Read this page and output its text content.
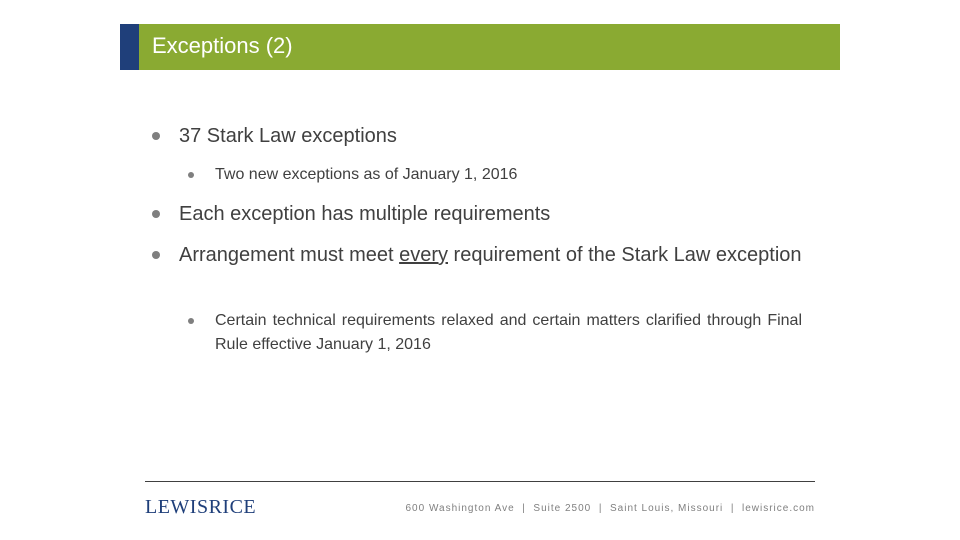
Exceptions (2)
37 Stark Law exceptions
Two new exceptions as of January 1, 2016
Each exception has multiple requirements
Arrangement must meet every requirement of the Stark Law exception
Certain technical requirements relaxed and certain matters clarified through Final Rule effective January 1, 2016
LEWISRICE	600 Washington Ave | Suite 2500 | Saint Louis, Missouri | lewisrice.com
